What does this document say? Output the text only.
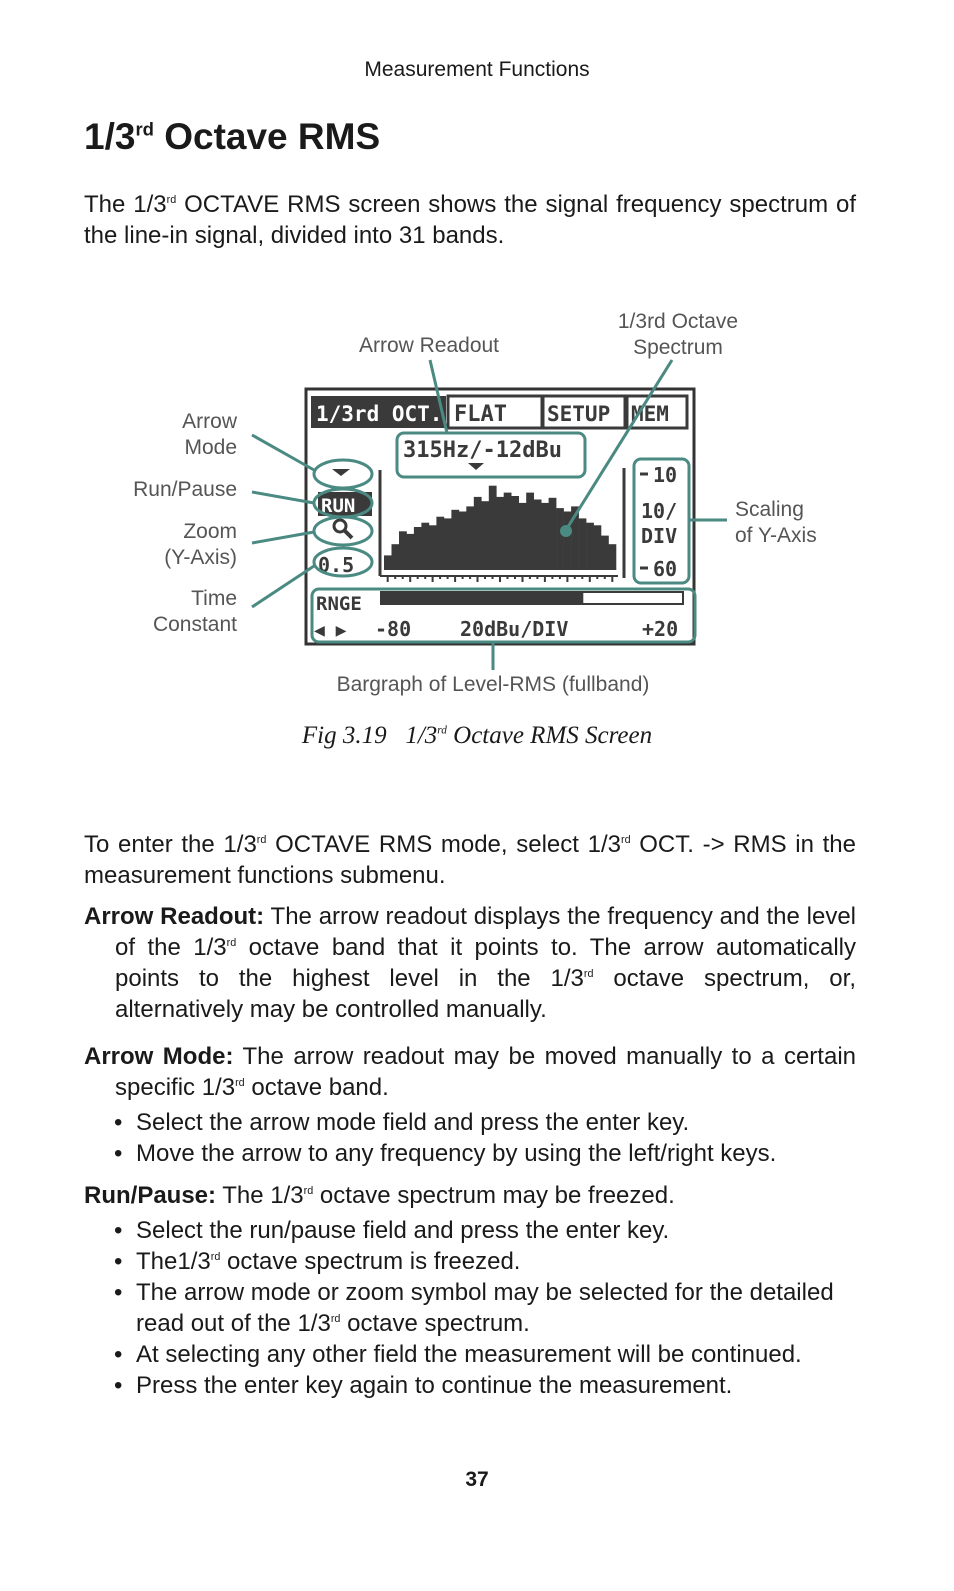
Measurement Functions
1/3rd Octave RMS
The 1/3rd OCTAVE RMS screen shows the signal frequency spectrum of the line-in signal, divided into 31 bands.
Arrow Readout
1/3rd Octave
Spectrum
Arrow
Mode
Run/Pause
Zoom
(Y-Axis)
Time
Constant
Scaling
of Y-Axis
Bargraph of Level-RMS (fullband)
1/3rd OCT. FLAT SETUP MEM
315Hz/-12dBu
RUN
0.5
10
10/
DIV
60
RNGE
◀ ▶ -80 20dBu/DIV	+20
Fig 3.19 1/3rd Octave RMS Screen
To enter the 1/3rd OCTAVE RMS mode, select 1/3rd OCT. -> RMS in the measurement functions submenu.
Arrow Readout: The arrow readout displays the frequency and the level of the 1/3rd octave band that it points to. The arrow automatically points to the highest level in the 1/3rd octave spectrum, or, alternatively may be controlled manually.
Arrow Mode: The arrow readout may be moved manually to a certain specific 1/3rd octave band.
• Select the arrow mode field and press the enter key.
• Move the arrow to any frequency by using the left/right keys.
Run/Pause: The 1/3rd octave spectrum may be freezed.
• Select the run/pause field and press the enter key.
• The1/3rd octave spectrum is freezed.
• The arrow mode or zoom symbol may be selected for the detailed read out of the 1/3rd octave spectrum.
• At selecting any other field the measurement will be continued.
• Press the enter key again to continue the measurement.
37
